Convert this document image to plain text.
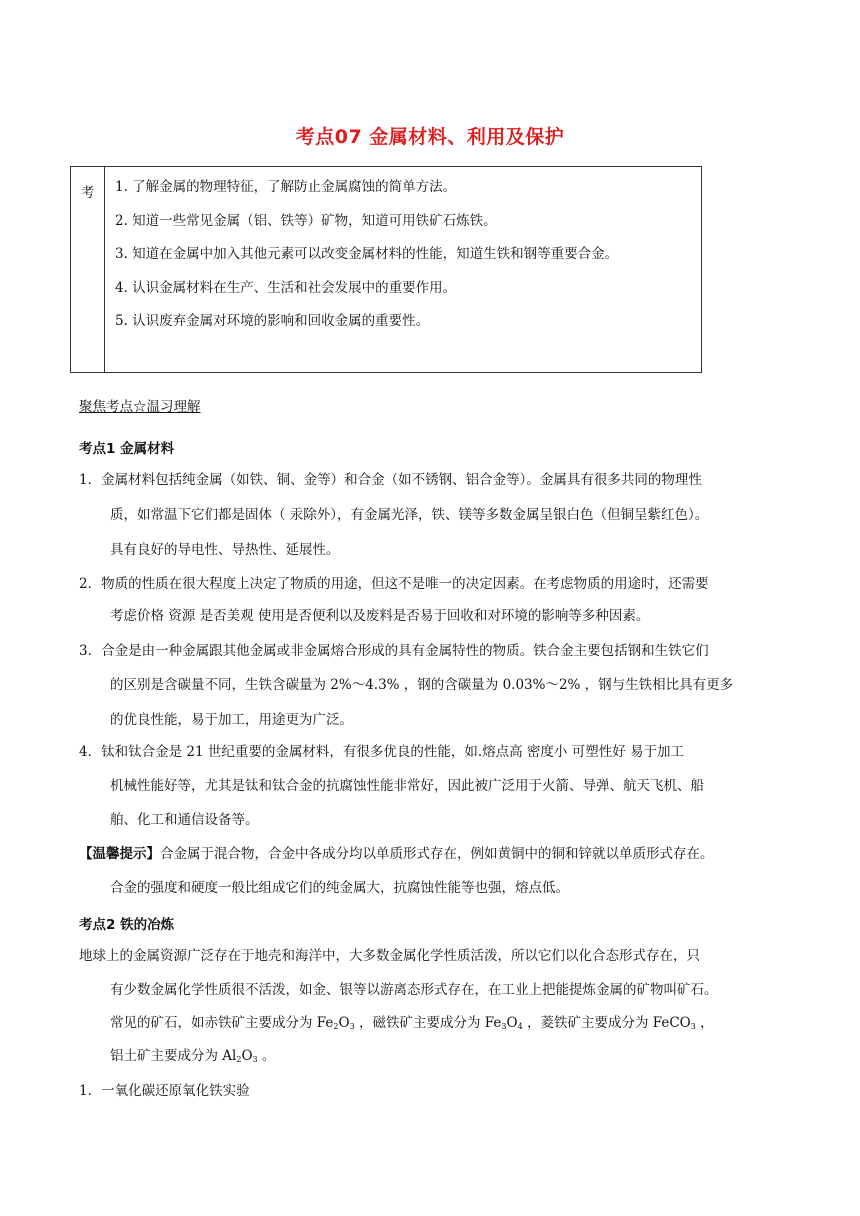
考点07 金属材料、利用及保护
考 1. 了解金属的物理特征，了解防止金属腐蚀的简单方法。
2. 知道一些常见金属（铝、铁等）矿物，知道可用铁矿石炼铁。
3. 知道在金属中加入其他元素可以改变金属材料的性能，知道生铁和钢等重要合金。
4. 认识金属材料在生产、生活和社会发展中的重要作用。
5. 认识废弃金属对环境的影响和回收金属的重要性。
聚焦考点☆温习理解
考点1 金属材料
1．金属材料包括纯金属（如铁、铜、金等）和合金（如不锈钢、铝合金等）。金属具有很多共同的物理性
质，如常温下它们都是固体（ 汞除外），有金属光泽，铁、镁等多数金属呈银白色（但铜呈紫红色）。
具有良好的导电性、导热性、延展性。
2．物质的性质在很大程度上决定了物质的用途，但这不是唯一的决定因素。在考虑物质的用途时，还需要
考虑价格 资源 是否美观 使用是否便利以及废料是否易于回收和对环境的影响等多种因素。
3．合金是由一种金属跟其他金属或非金属熔合形成的具有金属特性的物质。铁合金主要包括钢和生铁它们
的区别是含碳量不同，生铁含碳量为 2%～4.3% ，钢的含碳量为 0.03%～2% ，钢与生铁相比具有更多
的优良性能，易于加工，用途更为广泛。
4．钛和钛合金是 21 世纪重要的金属材料，有很多优良的性能，如.熔点高 密度小 可塑性好 易于加工
机械性能好等，尤其是钛和钛合金的抗腐蚀性能非常好，因此被广泛用于火箭、导弹、航天飞机、船
舶、化工和通信设备等。
【温馨提示】合金属于混合物，合金中各成分均以单质形式存在，例如黄铜中的铜和锌就以单质形式存在。
合金的强度和硬度一般比组成它们的纯金属大，抗腐蚀性能等也强，熔点低。
考点2 铁的冶炼
地球上的金属资源广泛存在于地壳和海洋中，大多数金属化学性质活泼，所以它们以化合态形式存在，只
有少数金属化学性质很不活泼，如金、银等以游离态形式存在，在工业上把能提炼金属的矿物叫矿石。
常见的矿石，如赤铁矿主要成分为 $Fe_2O_3$ ，磁铁矿主要成分为 $Fe_3O_4$ ，菱铁矿主要成分为 FeCO$_3$ ，
铝土矿主要成分为 $Al_2O_3$ 。
1．一氧化碳还原氧化铁实验
